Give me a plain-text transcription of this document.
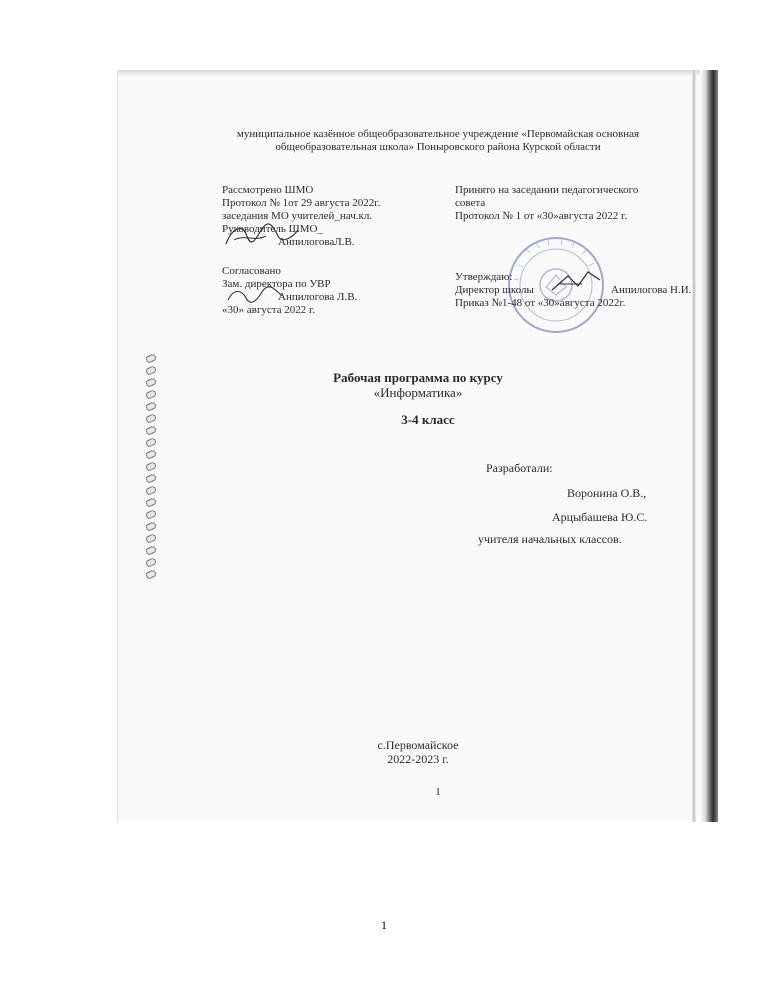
муниципальное казённое общеобразовательное учреждение «Первомайская основная
общеобразовательная школа» Поныровского района Курской области
Рассмотрено ШМО
Протокол № 1от 29 августа 2022г.
заседания МО учителей_нач.кл.
Руководитель ШМО_
АнпилоговаЛ.В.
Принято на заседании педагогического
совета
Протокол № 1 от «30»августа 2022 г.
Согласовано
Зам. директора по УВР
Анпилогова Л.В.
«30» августа 2022 г.
Утверждаю:
Директор школы	Анпилогова Н.И.
Приказ №1-48 от «30»августа 2022г.
Рабочая программа по курсу
«Информатика»
3-4 класс
Разработали:
Воронина О.В.,
Арцыбашева Ю.С.
учителя начальных классов.
с.Первомайское
2022-2023 г.
1
1
